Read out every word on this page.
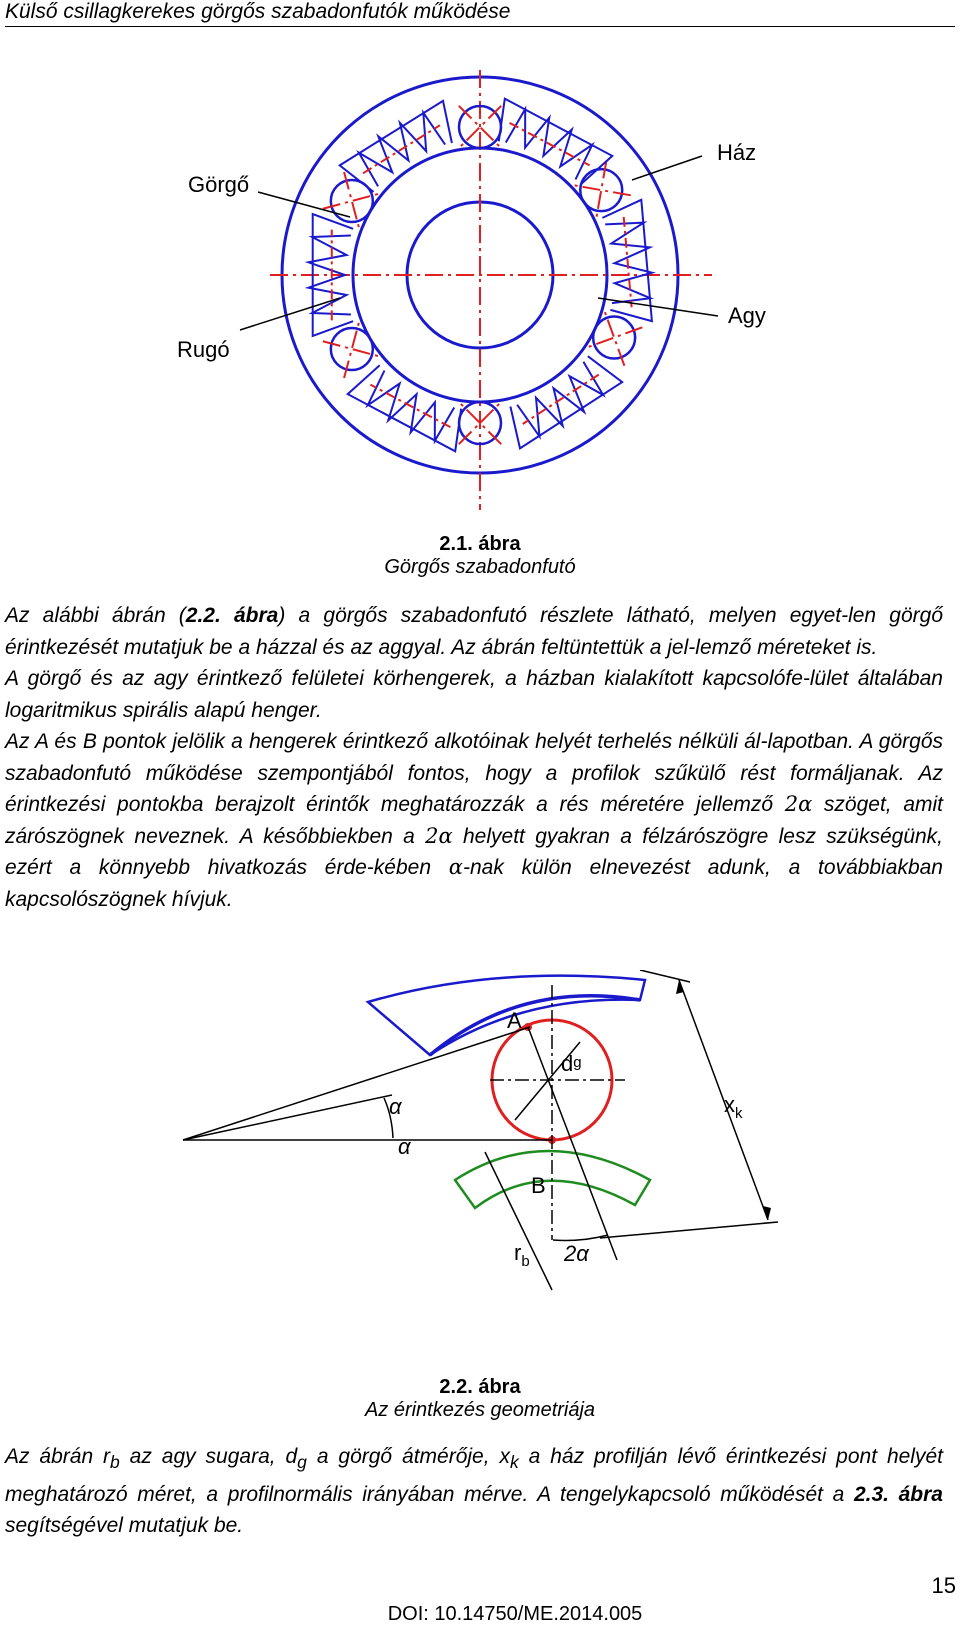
Külső csillagkerekes görgős szabadonfutók működése
Görgő
Ház
Rugó
Agy
2.1. ábra
Görgős szabadonfutó

Az alábbi ábrán (2.2. ábra) a görgős szabadonfutó részlete látható, melyen egyet-len görgő érintkezését mutatjuk be a házzal és az aggyal. Az ábrán feltüntettük a jel-lemző méreteket is.

A görgő és az agy érintkező felületei körhengerek, a házban kialakított kapcsolófe-lület általában logaritmikus spirális alapú henger.

Az A és B pontok jelölik a hengerek érintkező alkotóinak helyét terhelés nélküli ál-lapotban. A görgős szabadonfutó működése szempontjából fontos, hogy a profilok szűkülő rést formáljanak. Az érintkezési pontokba berajzolt érintők meghatározzák a rés méretére jellemző 2α szöget, amit zárószögnek neveznek. A későbbiekben a 2α helyett gyakran a félzárószögre lesz szükségünk, ezért a könnyebb hivatkozás érde-kében α-nak külön elnevezést adunk, a továbbiakban kapcsolószögnek hívjuk.

A
B
dg
$x_k$
α
α
$r_b$ 2α
2.2. ábra
Az érintkezés geometriája

Az ábrán $r_b$ az agy sugara, $d_g$ a görgő átmérője, $x_k$ a ház profilján lévő érintkezési pont helyét meghatározó méret, a profilnormális irányában mérve. A tengelykapcsoló működését a 2.3. ábra segítségével mutatjuk be.

15
DOI: 10.14750/ME.2014.005
